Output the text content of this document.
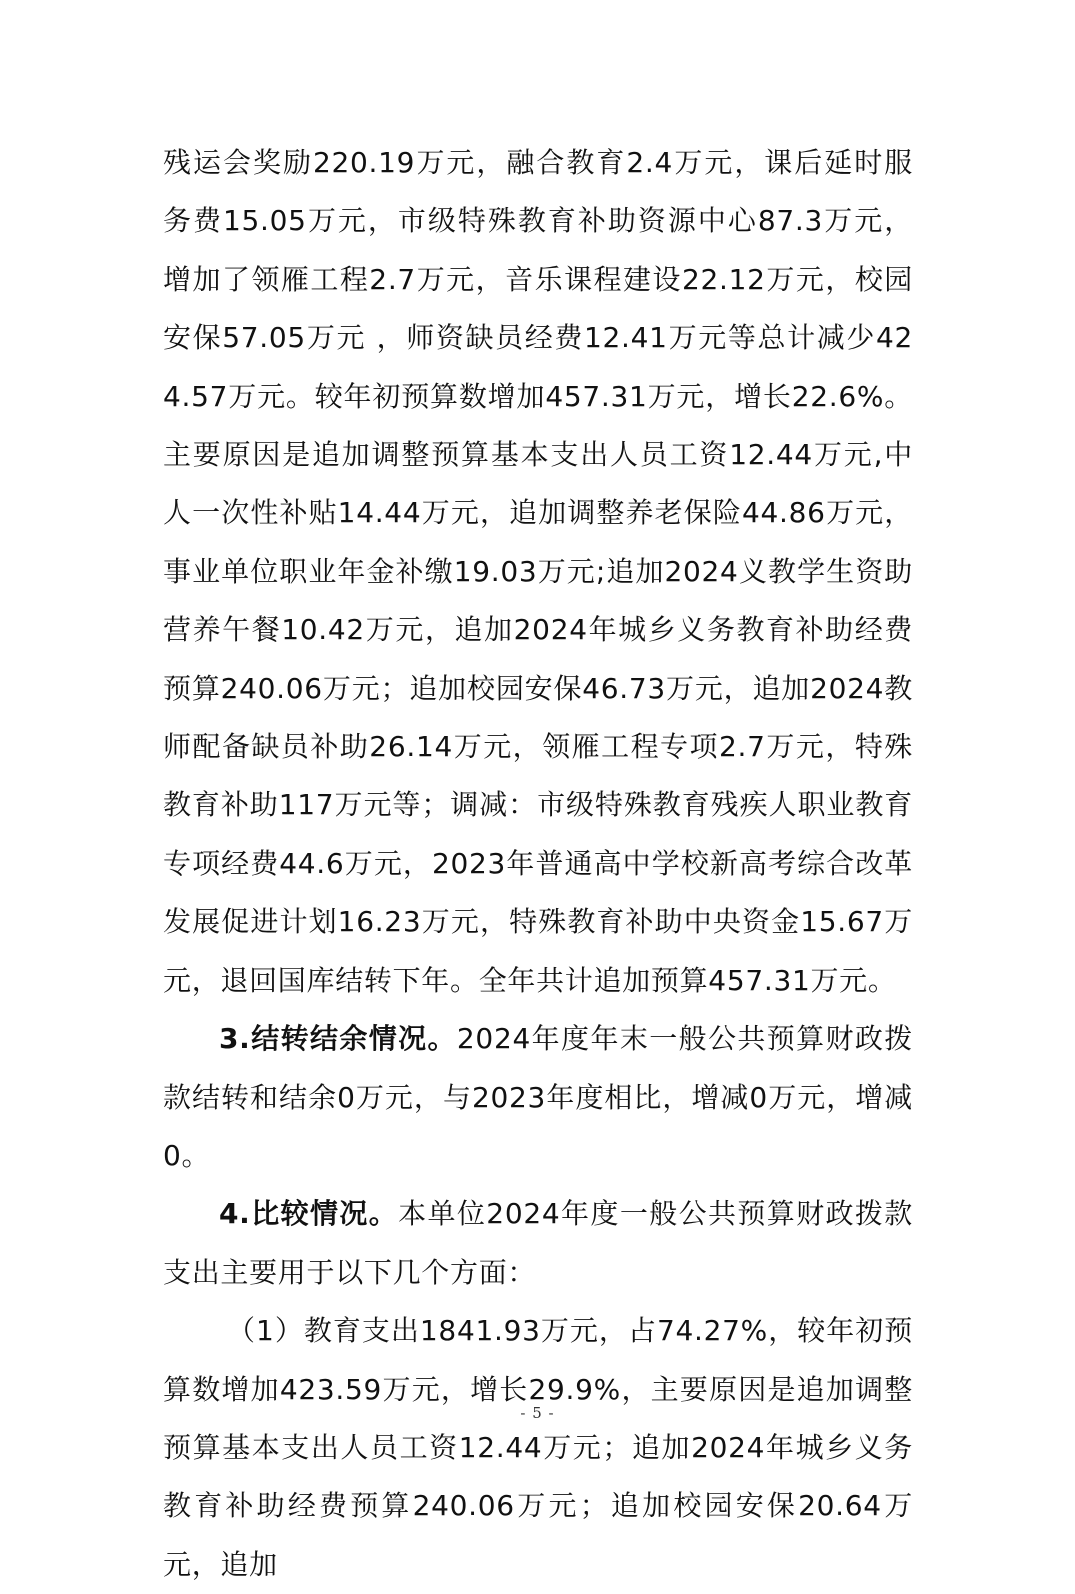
残运会奖励220.19万元，融合教育2.4万元，课后延时服务费15.05万元，市级特殊教育补助资源中心87.3万元，增加了领雁工程2.7万元，音乐课程建设22.12万元，校园安保57.05万元 ，师资缺员经费12.41万元等总计减少424.57万元。较年初预算数增加457.31万元，增长22.6%。主要原因是追加调整预算基本支出人员工资12.44万元,中人一次性补贴14.44万元，追加调整养老保险44.86万元，事业单位职业年金补缴19.03万元;追加2024义教学生资助营养午餐10.42万元，追加2024年城乡义务教育补助经费预算240.06万元；追加校园安保46.73万元，追加2024教师配备缺员补助26.14万元，领雁工程专项2.7万元，特殊教育补助117万元等；调减：市级特殊教育残疾人职业教育专项经费44.6万元，2023年普通高中学校新高考综合改革发展促进计划16.23万元，特殊教育补助中央资金15.67万元，退回国库结转下年。全年共计追加预算457.31万元。

3.结转结余情况。2024年度年末一般公共预算财政拨款结转和结余0万元，与2023年度相比，增减0万元，增减0。

4.比较情况。本单位2024年度一般公共预算财政拨款支出主要用于以下几个方面：

（1）教育支出1841.93万元，占74.27%，较年初预算数增加423.59万元，增长29.9%，主要原因是追加调整预算基本支出人员工资12.44万元；追加2024年城乡义务教育补助经费预算240.06万元；追加校园安保20.64万元，追加

- 5 -
